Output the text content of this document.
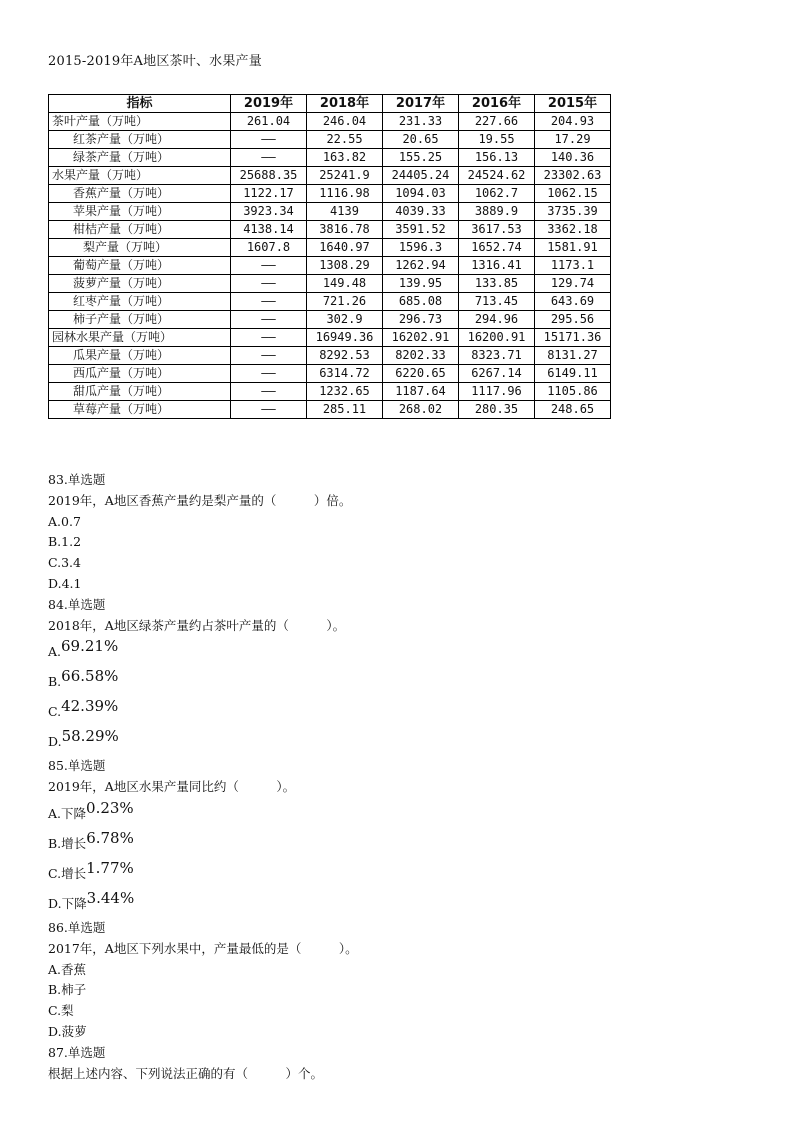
2015-2019年A地区茶叶、水果产量
指标	2019年	2018年	2017年	2016年	2015年
茶叶产量（万吨）	261.04	246.04	231.33	227.66	204.93
红茶产量（万吨）	——	22.55	20.65	19.55	17.29
绿茶产量（万吨）	——	163.82	155.25	156.13	140.36
水果产量（万吨）	25688.35	25241.9	24405.24	24524.62	23302.63
香蕉产量（万吨）	1122.17	1116.98	1094.03	1062.7	1062.15
苹果产量（万吨）	3923.34	4139	4039.33	3889.9	3735.39
柑桔产量（万吨）	4138.14	3816.78	3591.52	3617.53	3362.18
梨产量（万吨）	1607.8	1640.97	1596.3	1652.74	1581.91
葡萄产量（万吨）	——	1308.29	1262.94	1316.41	1173.1
菠萝产量（万吨）	——	149.48	139.95	133.85	129.74
红枣产量（万吨）	——	721.26	685.08	713.45	643.69
柿子产量（万吨）	——	302.9	296.73	294.96	295.56
园林水果产量（万吨）	——	16949.36	16202.91	16200.91	15171.36
瓜果产量（万吨）	——	8292.53	8202.33	8323.71	8131.27
西瓜产量（万吨）	——	6314.72	6220.65	6267.14	6149.11
甜瓜产量（万吨）	——	1232.65	1187.64	1117.96	1105.86
草莓产量（万吨）	——	285.11	268.02	280.35	248.65
83.单选题
2019年，A地区香蕉产量约是梨产量的（　　　）倍。
A.0.7
B.1.2
C.3.4
D.4.1
84.单选题
2018年，A地区绿茶产量约占茶叶产量的（　　　）。
A.69.21%
B.66.58%
C.42.39%
D.58.29%
85.单选题
2019年，A地区水果产量同比约（　　　）。
A.下降0.23%
B.增长6.78%
C.增长1.77%
D.下降3.44%
86.单选题
2017年，A地区下列水果中，产量最低的是（　　　）。
A.香蕉
B.柿子
C.梨
D.菠萝
87.单选题
根据上述内容、下列说法正确的有（　　　）个。
